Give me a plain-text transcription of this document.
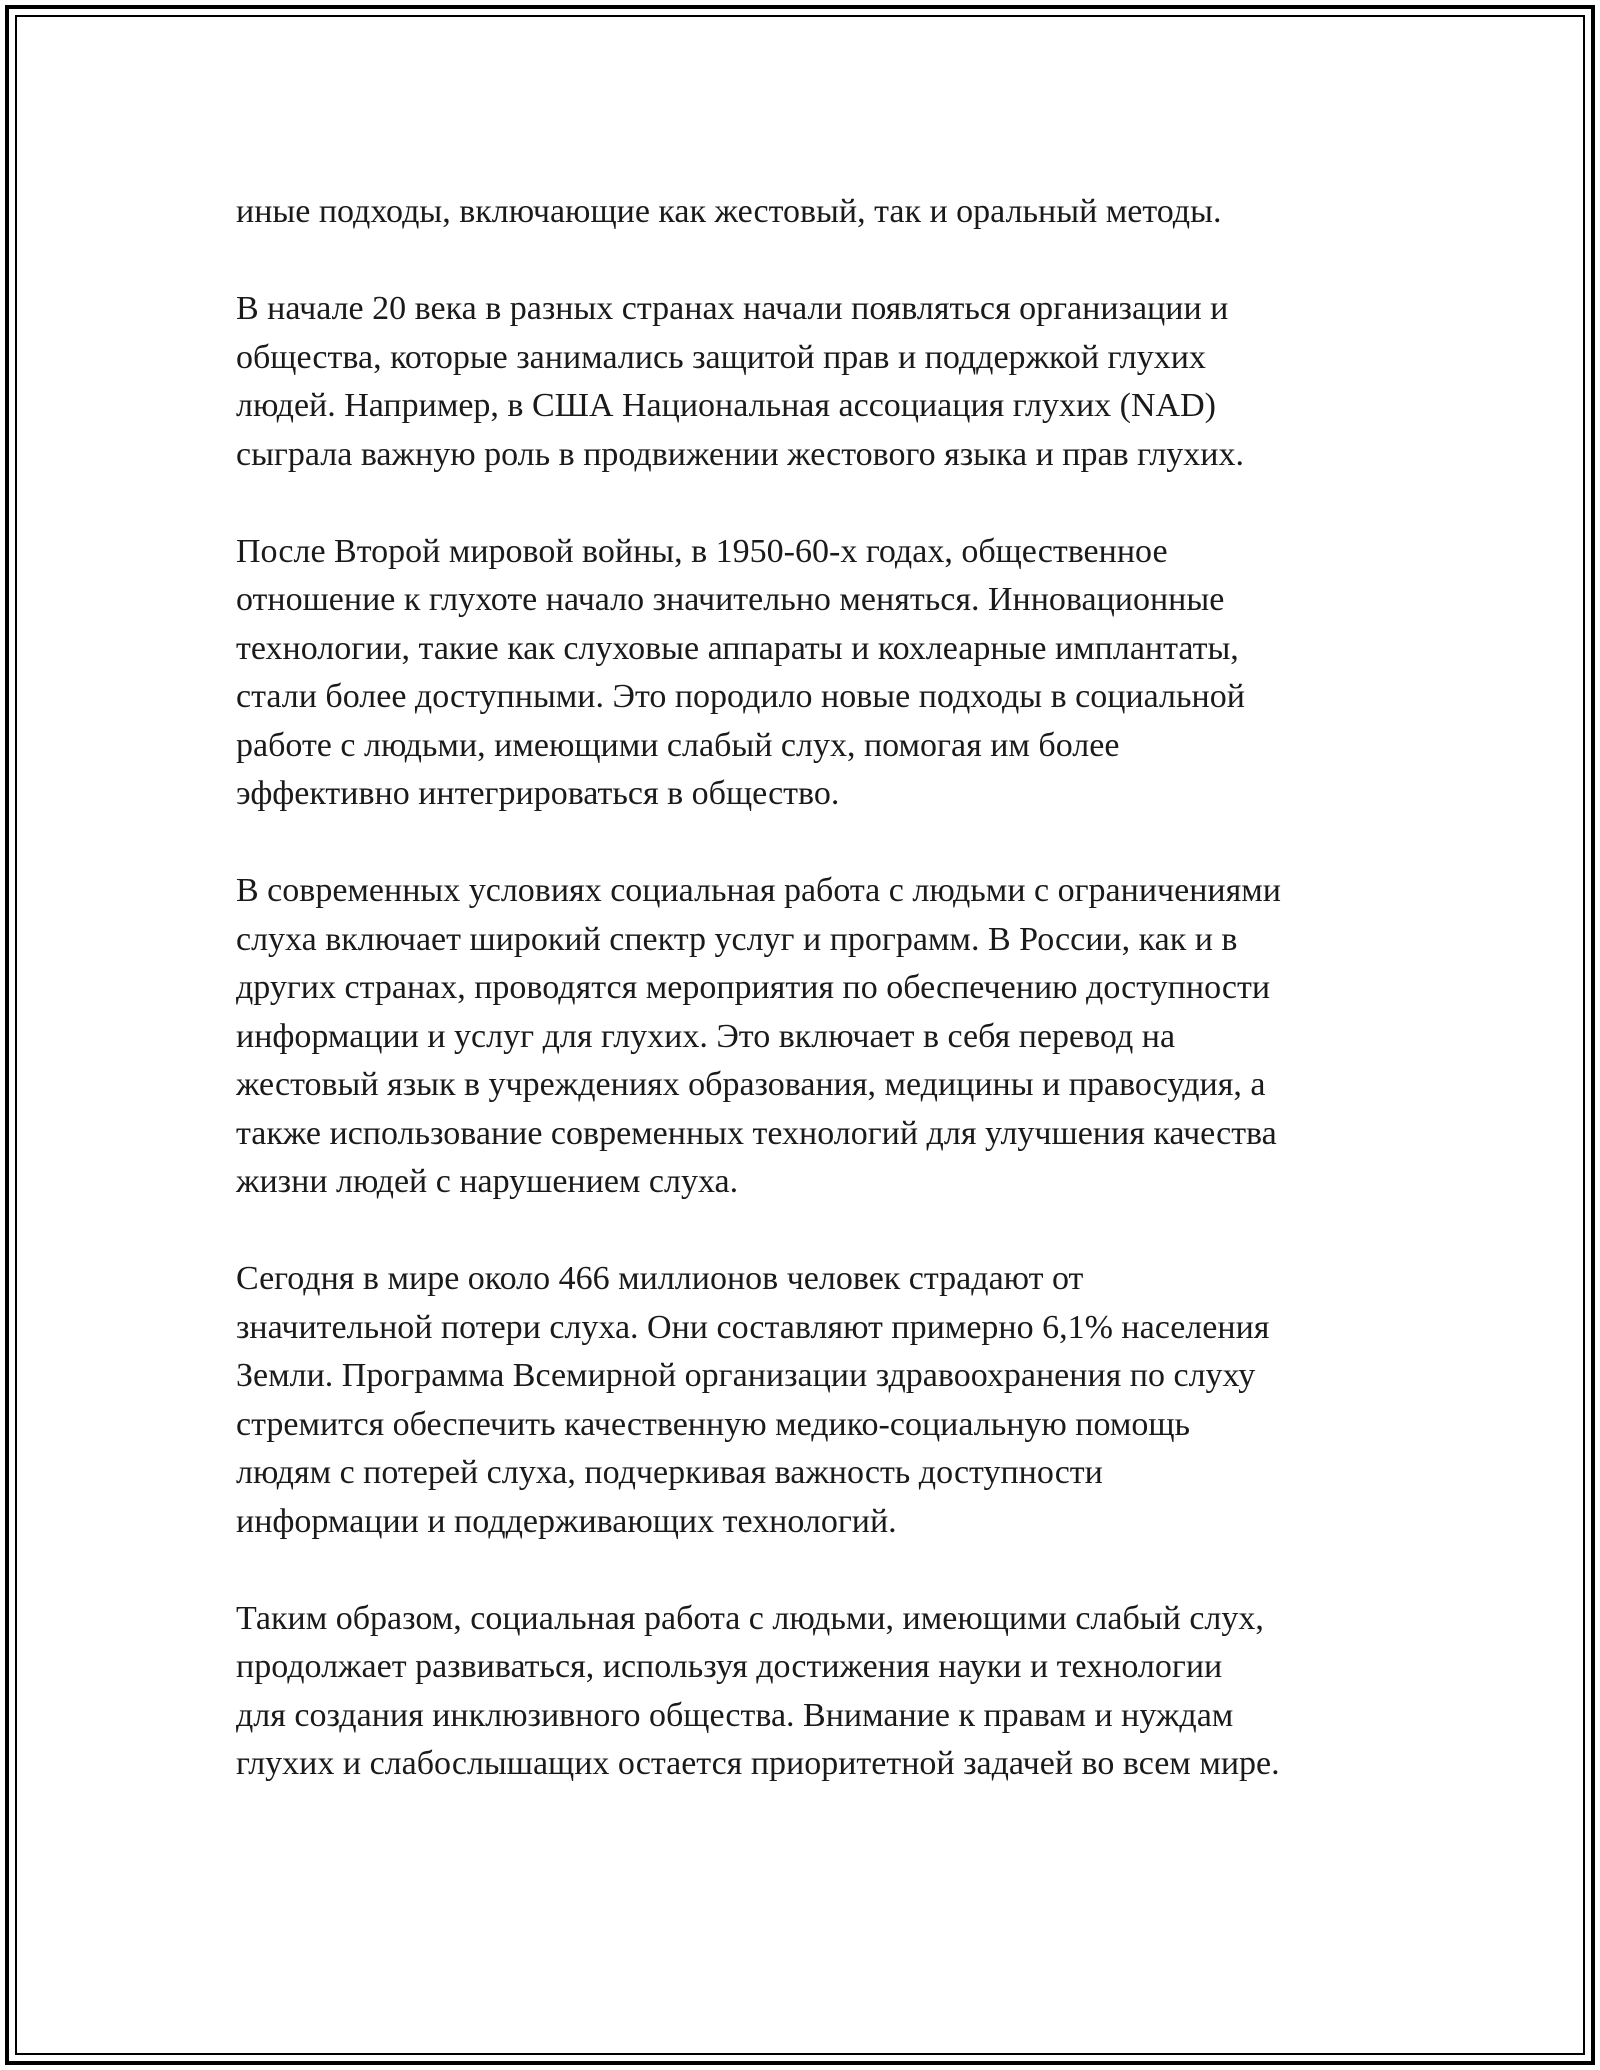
иные подходы, включающие как жестовый, так и оральный методы.
В начале 20 века в разных странах начали появляться организации и
общества, которые занимались защитой прав и поддержкой глухих
людей. Например, в США Национальная ассоциация глухих (NAD)
сыграла важную роль в продвижении жестового языка и прав глухих.
После Второй мировой войны, в 1950-60-х годах, общественное
отношение к глухоте начало значительно меняться. Инновационные
технологии, такие как слуховые аппараты и кохлеарные имплантаты,
стали более доступными. Это породило новые подходы в социальной
работе с людьми, имеющими слабый слух, помогая им более
эффективно интегрироваться в общество.
В современных условиях социальная работа с людьми с ограничениями
слуха включает широкий спектр услуг и программ. В России, как и в
других странах, проводятся мероприятия по обеспечению доступности
информации и услуг для глухих. Это включает в себя перевод на
жестовый язык в учреждениях образования, медицины и правосудия, а
также использование современных технологий для улучшения качества
жизни людей с нарушением слуха.
Сегодня в мире около 466 миллионов человек страдают от
значительной потери слуха. Они составляют примерно 6,1% населения
Земли. Программа Всемирной организации здравоохранения по слуху
стремится обеспечить качественную медико-социальную помощь
людям с потерей слуха, подчеркивая важность доступности
информации и поддерживающих технологий.
Таким образом, социальная работа с людьми, имеющими слабый слух,
продолжает развиваться, используя достижения науки и технологии
для создания инклюзивного общества. Внимание к правам и нуждам
глухих и слабослышащих остается приоритетной задачей во всем мире.
